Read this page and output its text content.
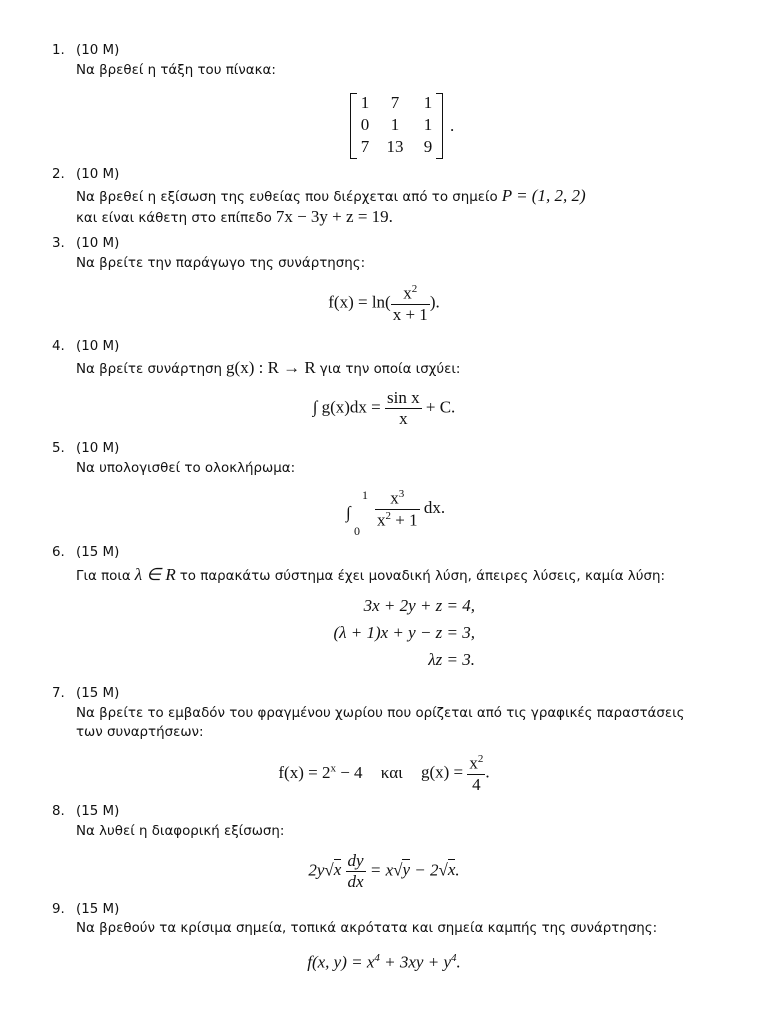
1. (10 M)
Να βρεθεί η τάξη του πίνακα:
1	7	1
0	1	1
7	13	9
.
2. (10 M)
Να βρεθεί η εξίσωση της ευθείας που διέρχεται από το σημείο P = (1, 2, 2)
και είναι κάθετη στο επίπεδο 7x − 3y + z = 19.
3. (10 M)
Να βρείτε την παράγωγο της συνάρτησης:
$f(x) = \ln( \frac{x^2}{x + 1}$ ).
4. (10 M)
Να βρείτε συνάρτηση g(x) : R → R για την οποία ισχύει:
∫ $g(x)dx = \frac{\text{sin x}}{x} + C$.
5. (10 M)
Να υπολογισθεί το ολοκλήρωμα:
∫
1
0
$\frac{x^3}{x^2 + 1}$ dx.
6. (15 M)
Για ποια λ ∈ R το παρακάτω σύστημα έχει μοναδική λύση, άπειρες λύσεις, καμία λύση:
3x + 2y + z = 4,
(λ + 1)x + y − z = 3,
λz = 3.
7. (15 M)
Να βρείτε το εμβαδόν του φραγμένου χωρίου που ορίζεται από τις γραφικές παραστάσεις
των συναρτήσεων:
$f(x) = 2^x - 4$ και $g(x) = \frac{x^2}{4}$ .
8. (15 M)
Να λυθεί η διαφορική εξίσωση:
$2y√x \frac{dy}{dx} = x√y - 2√x$.
9. (15 M)
Να βρεθούν τα κρίσιμα σημεία, τοπικά ακρότατα και σημεία καμπής της συνάρτησης:
f(x, $y) = x^4 + 3xy + y^4$.
